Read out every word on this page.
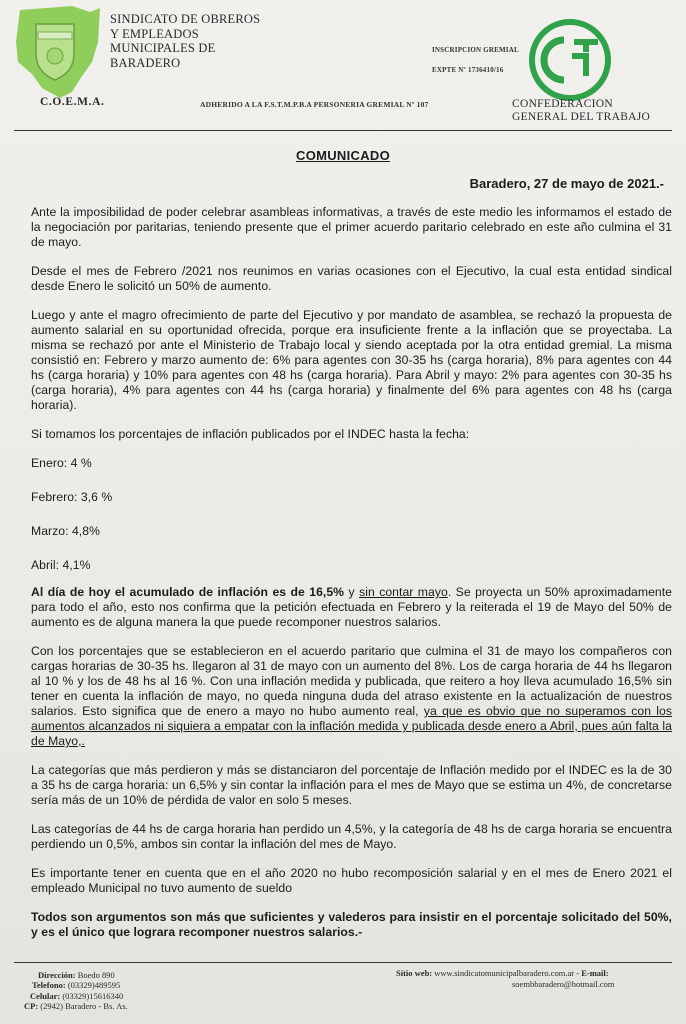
SINDICATO DE OBREROS
Y EMPLEADOS
MUNICIPALES DE
BARADERO
C.O.E.M.A.	ADHERIDO A LA F.S.T.M.P.B.A PERSONERIA GREMIAL Nº 107
INSCRIPCION GREMIAL
EXPTE Nº 1736410/16
CONFEDERACION
GENERAL DEL TRABAJO
COMUNICADO
Baradero, 27 de mayo de 2021.-

Ante la imposibilidad de poder celebrar asambleas informativas, a través de este medio les informamos el estado de la negociación por paritarias, teniendo presente que el primer acuerdo paritario celebrado en este año culmina el 31 de mayo.

Desde el mes de Febrero /2021 nos reunimos en varias ocasiones con el Ejecutivo, la cual esta entidad sindical desde Enero le solicitó un 50% de aumento.

Luego y ante el magro ofrecimiento de parte del Ejecutivo y por mandato de asamblea, se rechazó la propuesta de aumento salarial en su oportunidad ofrecida, porque era insuficiente frente a la inflación que se proyectaba. La misma se rechazó por ante el Ministerio de Trabajo local y siendo aceptada por la otra entidad gremial. La misma consistió en: Febrero y marzo aumento de: 6% para agentes con 30-35 hs (carga horaria), 8% para agentes con 44 hs (carga horaria) y 10% para agentes con 48 hs (carga horaria). Para Abril y mayo: 2% para agentes con 30-35 hs (carga horaria), 4% para agentes con 44 hs (carga horaria) y finalmente del 6% para agentes con 48 hs (carga horaria).

Si tomamos los porcentajes de inflación publicados por el INDEC hasta la fecha:

Enero: 4 %
Febrero: 3,6 %
Marzo: 4,8%
Abril: 4,1%

Al día de hoy el acumulado de inflación es de 16,5% y sin contar mayo. Se proyecta un 50% aproximadamente para todo el año, esto nos confirma que la petición efectuada en Febrero y la reiterada el 19 de Mayo del 50% de aumento es de alguna manera la que puede recomponer nuestros salarios.

Con los porcentajes que se establecieron en el acuerdo paritario que culmina el 31 de mayo los compañeros con cargas horarias de 30-35 hs. llegaron al 31 de mayo con un aumento del 8%. Los de carga horaria de 44 hs llegaron al 10 % y los de 48 hs al 16 %. Con una inflación medida y publicada, que reitero a hoy lleva acumulado 16,5% sin tener en cuenta la inflación de mayo, no queda ninguna duda del atraso existente en la actualización de nuestros salarios. Esto significa que de enero a mayo no hubo aumento real, ya que es obvio que no superamos con los aumentos alcanzados ni siquiera a empatar con la inflación medida y publicada desde enero a Abril, pues aún falta la de Mayo,.

La categorías que más perdieron y más se distanciaron del porcentaje de Inflación medido por el INDEC es la de 30 a 35 hs de carga horaria: un 6,5% y sin contar la inflación para el mes de Mayo que se estima un 4%, de concretarse sería más de un 10% de pérdida de valor en solo 5 meses.

Las categorías de 44 hs de carga horaria han perdido un 4,5%, y la categoría de 48 hs de carga horaria se encuentra perdiendo un 0,5%, ambos sin contar la inflación del mes de Mayo.

Es importante tener en cuenta que en el año 2020 no hubo recomposición salarial y en el mes de Enero 2021 el empleado Municipal no tuvo aumento de sueldo

Todos son argumentos son más que suficientes y valederos para insistir en el porcentaje solicitado del 50%, y es el único que lograra recomponer nuestros salarios.-

Dirección: Boedo 890
Telefono: (03329)489595
Celular: (03329)15616340
CP: (2942) Baradero - Bs. As.
Sitio web: www.sindicatomunicipalbaradero.com.ar - E-mail:
soembbaradero@hotmail.com
